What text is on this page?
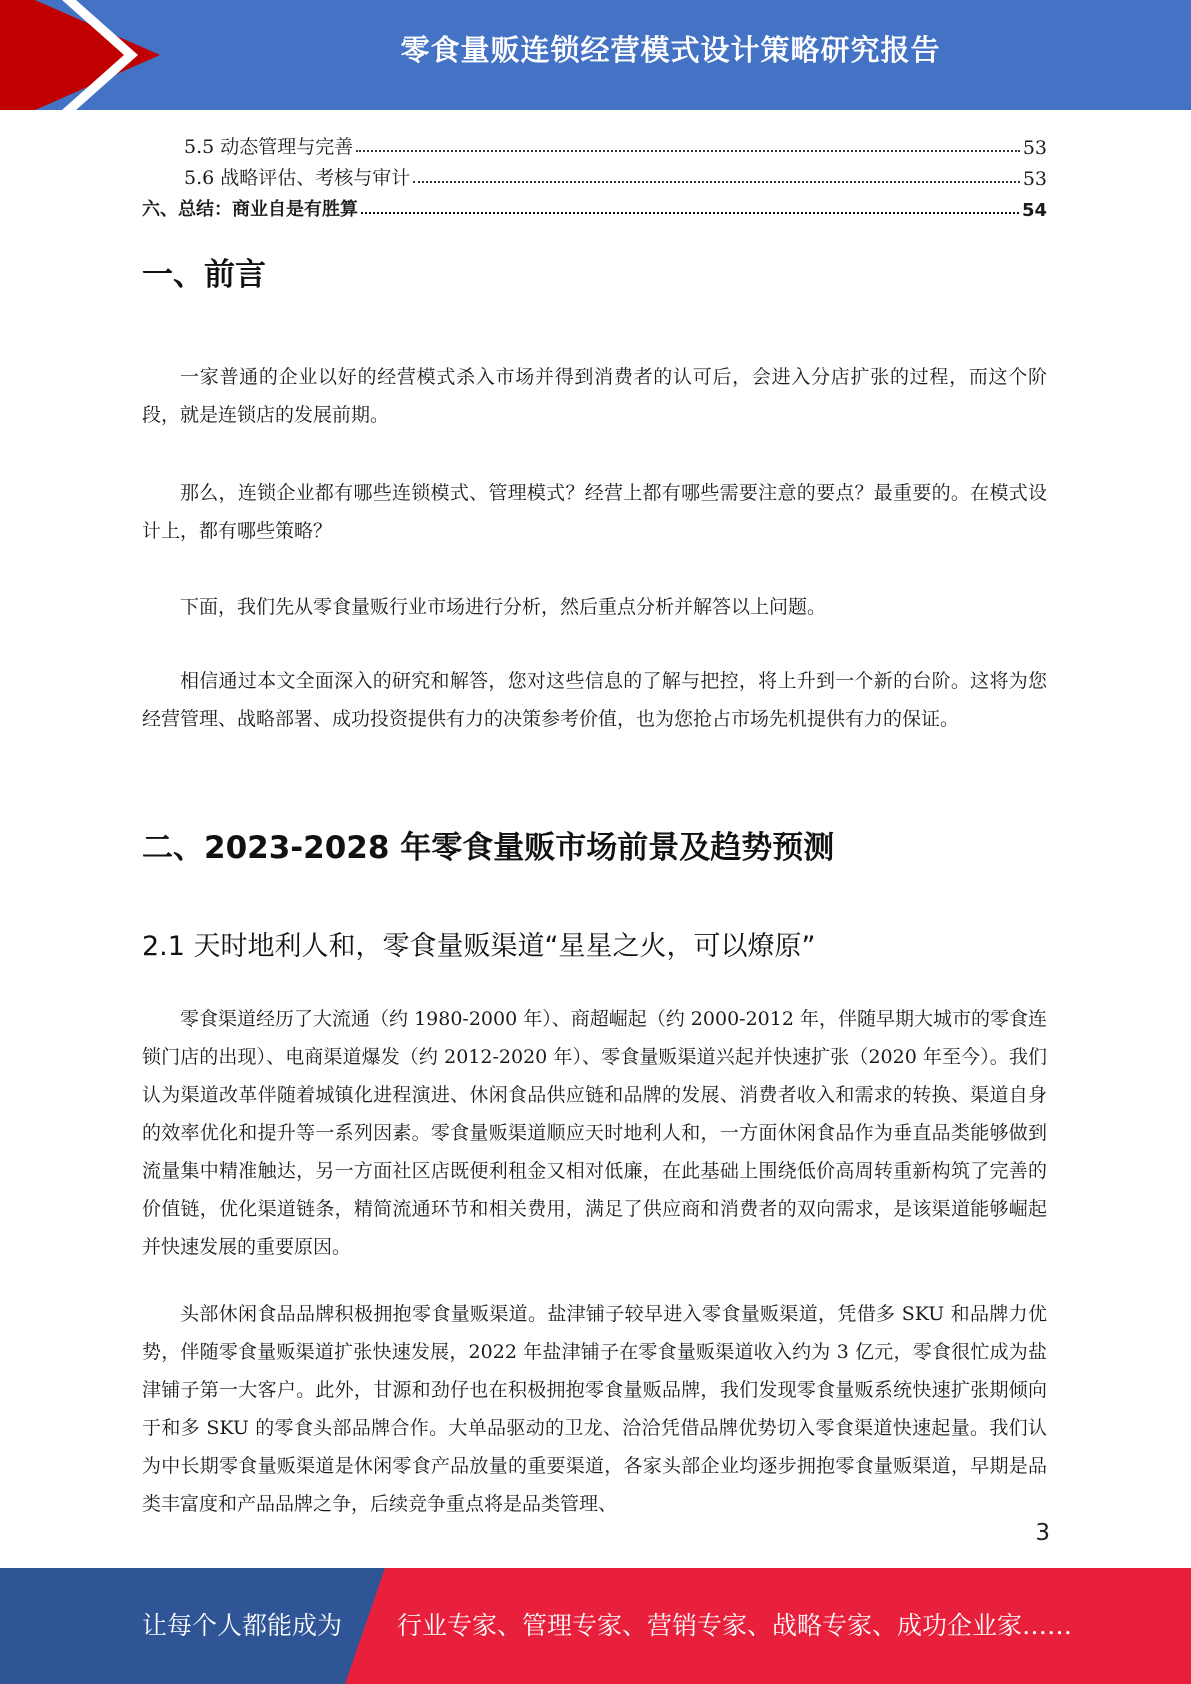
零食量贩连锁经营模式设计策略研究报告
5.5 动态管理与完善	53
5.6 战略评估、考核与审计	53
六、总结：商业自是有胜算	54
一、前言

一家普通的企业以好的经营模式杀入市场并得到消费者的认可后，会进入分店扩张的过程，而这个阶段，就是连锁店的发展前期。

那么，连锁企业都有哪些连锁模式、管理模式？经营上都有哪些需要注意的要点？最重要的。在模式设计上，都有哪些策略？

下面，我们先从零食量贩行业市场进行分析，然后重点分析并解答以上问题。

相信通过本文全面深入的研究和解答，您对这些信息的了解与把控，将上升到一个新的台阶。这将为您经营管理、战略部署、成功投资提供有力的决策参考价值，也为您抢占市场先机提供有力的保证。

二、2023-2028 年零食量贩市场前景及趋势预测
2.1 天时地利人和，零食量贩渠道“星星之火，可以燎原”

零食渠道经历了大流通（约 1980-2000 年）、商超崛起（约 2000-2012 年，伴随早期大城市的零食连锁门店的出现）、电商渠道爆发（约 2012-2020 年）、零食量贩渠道兴起并快速扩张（2020 年至今）。我们认为渠道改革伴随着城镇化进程演进、休闲食品供应链和品牌的发展、消费者收入和需求的转换、渠道自身的效率优化和提升等一系列因素。零食量贩渠道顺应天时地利人和，一方面休闲食品作为垂直品类能够做到流量集中精准触达，另一方面社区店既便利租金又相对低廉，在此基础上围绕低价高周转重新构筑了完善的价值链，优化渠道链条，精简流通环节和相关费用，满足了供应商和消费者的双向需求，是该渠道能够崛起并快速发展的重要原因。

头部休闲食品品牌积极拥抱零食量贩渠道。盐津铺子较早进入零食量贩渠道，凭借多 SKU 和品牌力优势，伴随零食量贩渠道扩张快速发展，2022 年盐津铺子在零食量贩渠道收入约为 3 亿元，零食很忙成为盐津铺子第一大客户。此外，甘源和劲仔也在积极拥抱零食量贩品牌，我们发现零食量贩系统快速扩张期倾向于和多 SKU 的零食头部品牌合作。大单品驱动的卫龙、洽洽凭借品牌优势切入零食渠道快速起量。我们认为中长期零食量贩渠道是休闲零食产品放量的重要渠道，各家头部企业均逐步拥抱零食量贩渠道，早期是品类丰富度和产品品牌之争，后续竞争重点将是品类管理、

3
让每个人都能成为 行业专家、管理专家、营销专家、战略专家、成功企业家……
